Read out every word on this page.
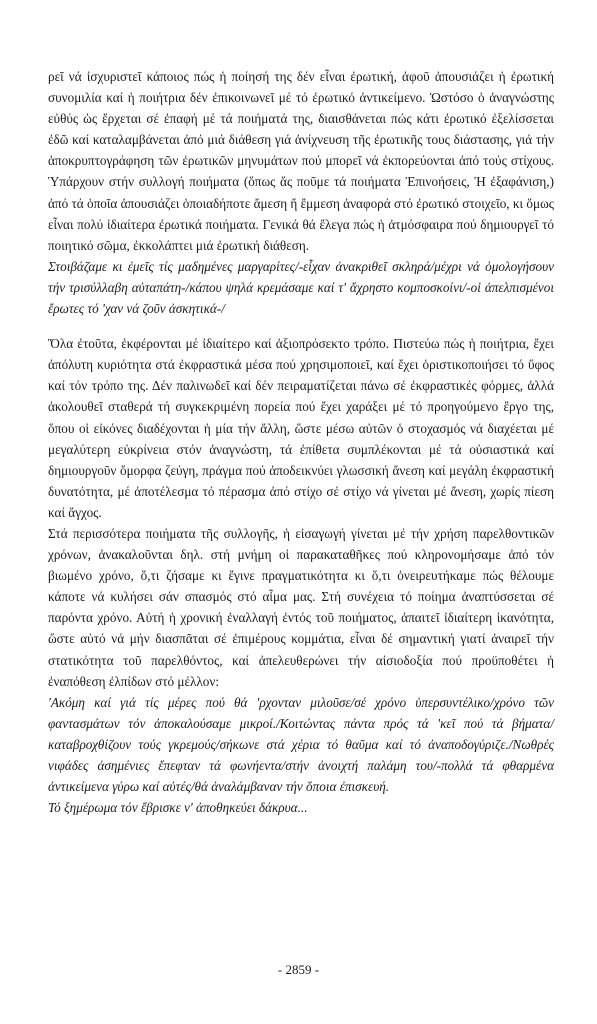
ρεῖ νά ἰσχυριστεῖ κάποιος πώς ἡ ποίησή της δέν εἶναι ἐρωτική, ἀφοῦ ἀπουσιάζει ἡ ἐρωτική συνομιλία καί ἡ ποιήτρια δέν ἐπικοινωνεῖ μέ τό ἐρωτικό ἀντικείμενο. Ὡστόσο ὁ ἀναγνώστης εὐθύς ὡς ἔρχεται σέ ἐπαφή μέ τά ποιήματά της, διαισθάνεται πώς κάτι ἐρωτικό ἐξελίσσεται ἐδῶ καί καταλαμβάνεται ἀπό μιά διάθεση γιά ἀνίχνευση τῆς ἐρωτικῆς τους διάστασης, γιά τήν ἀποκρυπτογράφηση τῶν ἐρωτικῶν μηνυμάτων πού μπορεῖ νά ἐκπορεύονται ἀπό τούς στίχους. Ὑπάρχουν στήν συλλογή ποιήματα (ὅπως ἄς ποῦμε τά ποιήματα Ἐπινοήσεις, Ἡ ἐξαφάνιση,) ἀπό τά ὁποῖα ἀπουσιάζει ὁποιαδήποτε ἄμεση ἤ ἔμμεση ἀναφορά στό ἐρωτικό στοιχεῖο, κι ὅμως εἶναι πολύ ἰδιαίτερα ἐρωτικά ποιήματα. Γενικά θά ἔλεγα πώς ἡ ἀτμόσφαιρα πού δημιουργεῖ τό ποιητικό σῶμα, ἐκκολάπτει μιά ἐρωτική διάθεση.

Στοιβάζαμε κι ἐμεῖς τίς μαδημένες μαργαρίτες/-εἶχαν ἀνακριθεῖ σκληρά/μέχρι νά ὁμολογήσουν τήν τρισύλλαβη αὐταπάτη-/κάπου ψηλά κρεμάσαμε καί τ' ἄχρηστο κομποσκοίνι/-οἱ ἀπελπισμένοι ἔρωτες τό 'χαν νά ζοῦν ἀσκητικά-/

Ὅλα ἐτοῦτα, ἐκφέρονται μέ ἰδιαίτερο καί ἀξιοπρόσεκτο τρόπο. Πιστεύω πώς ἡ ποιήτρια, ἔχει ἀπόλυτη κυριότητα στά ἐκφραστικά μέσα πού χρησιμοποιεῖ, καί ἔχει ὁριστικοποιήσει τό ὕφος καί τόν τρόπο της. Δέν παλινωδεῖ καί δέν πειραματίζεται πάνω σέ ἐκφραστικές φόρμες, ἀλλά ἀκολουθεῖ σταθερά τή συγκεκριμένη πορεία πού ἔχει χαράξει μέ τό προηγούμενο ἔργο της, ὅπου οἱ εἰκόνες διαδέχονται ἡ μία τήν ἄλλη, ὥστε μέσω αὐτῶν ὁ στοχασμός νά διαχέεται μέ μεγαλύτερη εὐκρίνεια στόν ἀναγνώστη, τά ἐπίθετα συμπλέκονται μέ τά οὐσιαστικά καί δημιουργοῦν ὄμορφα ζεύγη, πράγμα πού ἀποδεικνύει γλωσσική ἄνεση καί μεγάλη ἐκφραστική δυνατότητα, μέ ἀποτέλεσμα τό πέρασμα ἀπό στίχο σέ στίχο νά γίνεται μέ ἄνεση, χωρίς πίεση καί ἄγχος.

Στά περισσότερα ποιήματα τῆς συλλογῆς, ἡ εἰσαγωγή γίνεται μέ τήν χρήση παρελθοντικῶν χρόνων, ἀνακαλοῦνται δηλ. στή μνήμη οἱ παρακαταθῆκες πού κληρονομήσαμε ἀπό τόν βιωμένο χρόνο, ὅ,τι ζήσαμε κι ἔγινε πραγματικότητα κι ὅ,τι ὀνειρευτήκαμε πώς θέλουμε κάποτε νά κυλήσει σάν σπασμός στό αἷμα μας. Στή συνέχεια τό ποίημα ἀναπτύσσεται σέ παρόντα χρόνο. Αὐτή ἡ χρονική ἐναλλαγή ἐντός τοῦ ποιήματος, ἀπαιτεῖ ἰδιαίτερη ἱκανότητα, ὥστε αὐτό νά μήν διασπᾶται σέ ἐπιμέρους κομμάτια, εἶναι δέ σημαντική γιατί ἀναιρεῖ τήν στατικότητα τοῦ παρελθόντος, καί ἀπελευθερώνει τήν αἰσιοδοξία πού προϋποθέτει ἡ ἐναπόθεση ἐλπίδων στό μέλλον:

'Ακόμη καί γιά τίς μέρες πού θά 'ρχονταν μιλοῦσε/σέ χρόνο ὑπερσυντέλικο/χρόνο τῶν φαντασμάτων τόν ἀποκαλούσαμε μικροί./Κοιτώντας πάντα πρός τά 'κεῖ πού τά βήματα/καταβροχθίζουν τούς γκρεμούς/σήκωνε στά χέρια τό θαῦμα καί τό ἀναποδογύριζε./Νωθρές νιφάδες ἀσημένιες ἔπεφταν τά φωνήεντα/στήν ἀνοιχτή παλάμη του/-πολλά τά φθαρμένα ἀντικείμενα γύρω καί αὐτές/θά ἀναλάμβαναν τήν ὅποια ἐπισκευή.

Τό ξημέρωμα τόν ἔβρισκε ν' ἀποθηκεύει δάκρυα...

- 2859 -
